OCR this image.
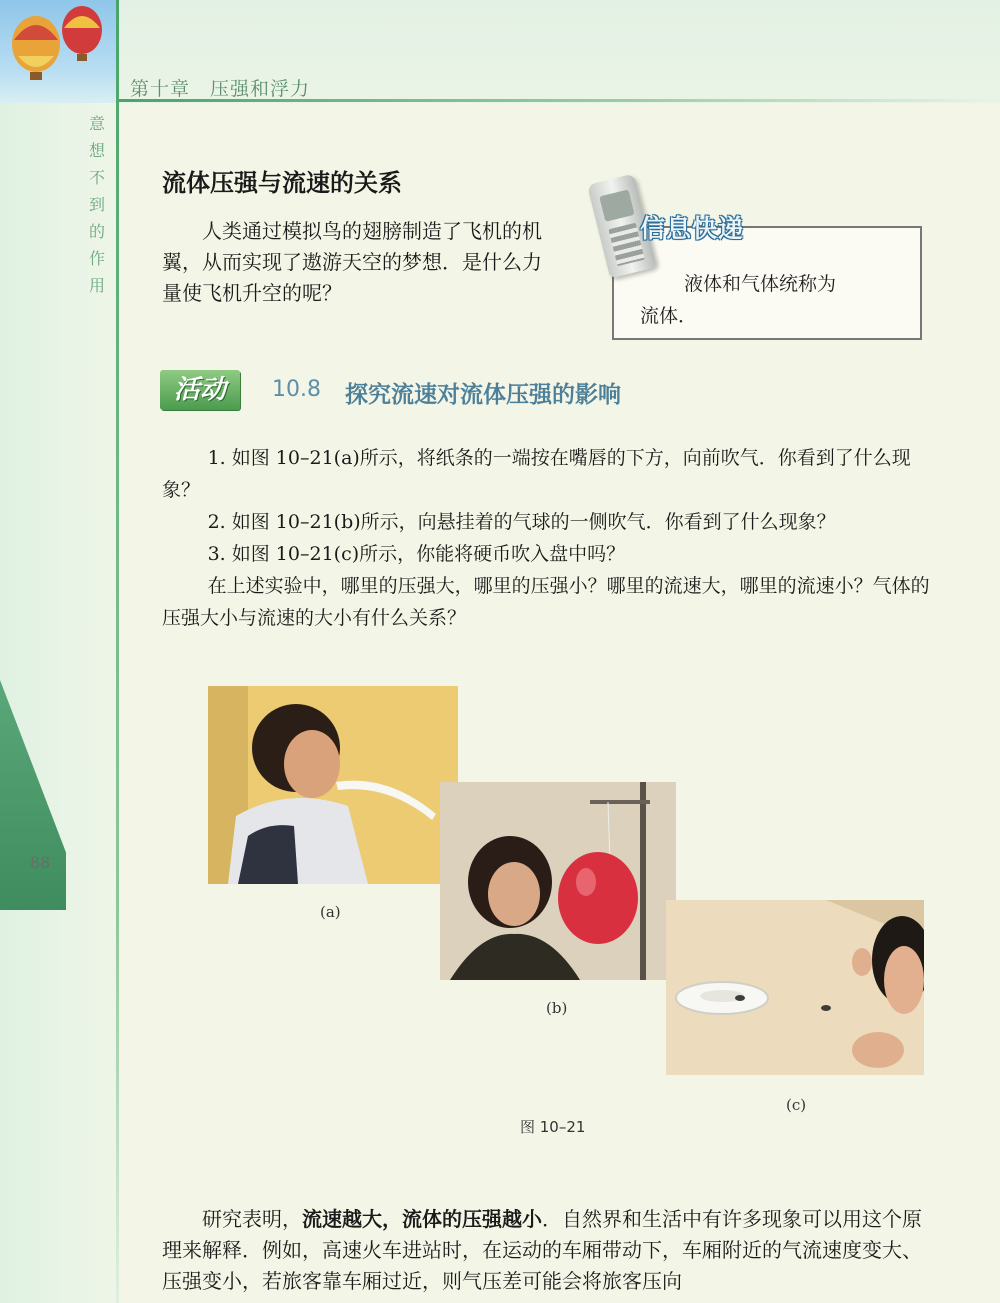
第十章　压强和浮力
意想不到的作用
88
流体压强与流速的关系

人类通过模拟鸟的翅膀制造了飞机的机翼，从而实现了遨游天空的梦想．是什么力量使飞机升空的呢？

信息快递
液体和气体统称为
流体．
活动	10.8 探究流速对流体压强的影响

1. 如图 10–21(a)所示，将纸条的一端按在嘴唇的下方，向前吹气．你看到了什么现象？

2. 如图 10–21(b)所示，向悬挂着的气球的一侧吹气．你看到了什么现象？

3. 如图 10–21(c)所示，你能将硬币吹入盘中吗？

在上述实验中，哪里的压强大，哪里的压强小？哪里的流速大，哪里的流速小？气体的压强大小与流速的大小有什么关系？

(a)
(b)
(c)
图 10–21

研究表明，流速越大，流体的压强越小．自然界和生活中有许多现象可以用这个原理来解释．例如，高速火车进站时，在运动的车厢带动下，车厢附近的气流速度变大、压强变小，若旅客靠车厢过近，则气压差可能会将旅客压向
